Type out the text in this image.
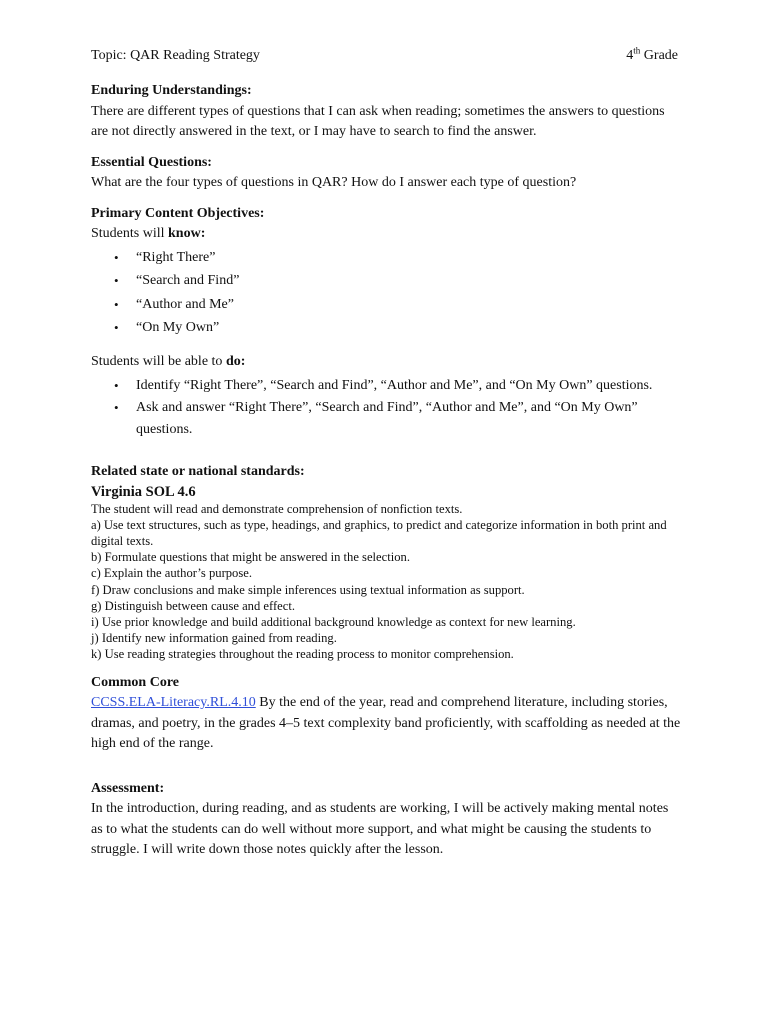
Topic: QAR Reading Strategy	4th Grade

Enduring Understandings:

There are different types of questions that I can ask when reading; sometimes the answers to questions are not directly answered in the text, or I may have to search to find the answer.

Essential Questions:

What are the four types of questions in QAR? How do I answer each type of question?

Primary Content Objectives:

Students will know:

• “Right There”
• “Search and Find”
• “Author and Me”
• “On My Own”

Students will be able to do:

• Identify “Right There”, “Search and Find”, “Author and Me”, and “On My Own” questions.
• Ask and answer “Right There”, “Search and Find”, “Author and Me”, and “On My Own” questions.

Related state or national standards:

Virginia SOL 4.6

The student will read and demonstrate comprehension of nonfiction texts.

a) Use text structures, such as type, headings, and graphics, to predict and categorize information in both print and digital texts.

b) Formulate questions that might be answered in the selection.

c) Explain the author’s purpose.

f) Draw conclusions and make simple inferences using textual information as support.

g) Distinguish between cause and effect.

i) Use prior knowledge and build additional background knowledge as context for new learning.

j) Identify new information gained from reading.

k) Use reading strategies throughout the reading process to monitor comprehension.

Common Core

CCSS.ELA-Literacy.RL.4.10 By the end of the year, read and comprehend literature, including stories, dramas, and poetry, in the grades 4–5 text complexity band proficiently, with scaffolding as needed at the high end of the range.

Assessment:

In the introduction, during reading, and as students are working, I will be actively making mental notes as to what the students can do well without more support, and what might be causing the students to struggle. I will write down those notes quickly after the lesson.
